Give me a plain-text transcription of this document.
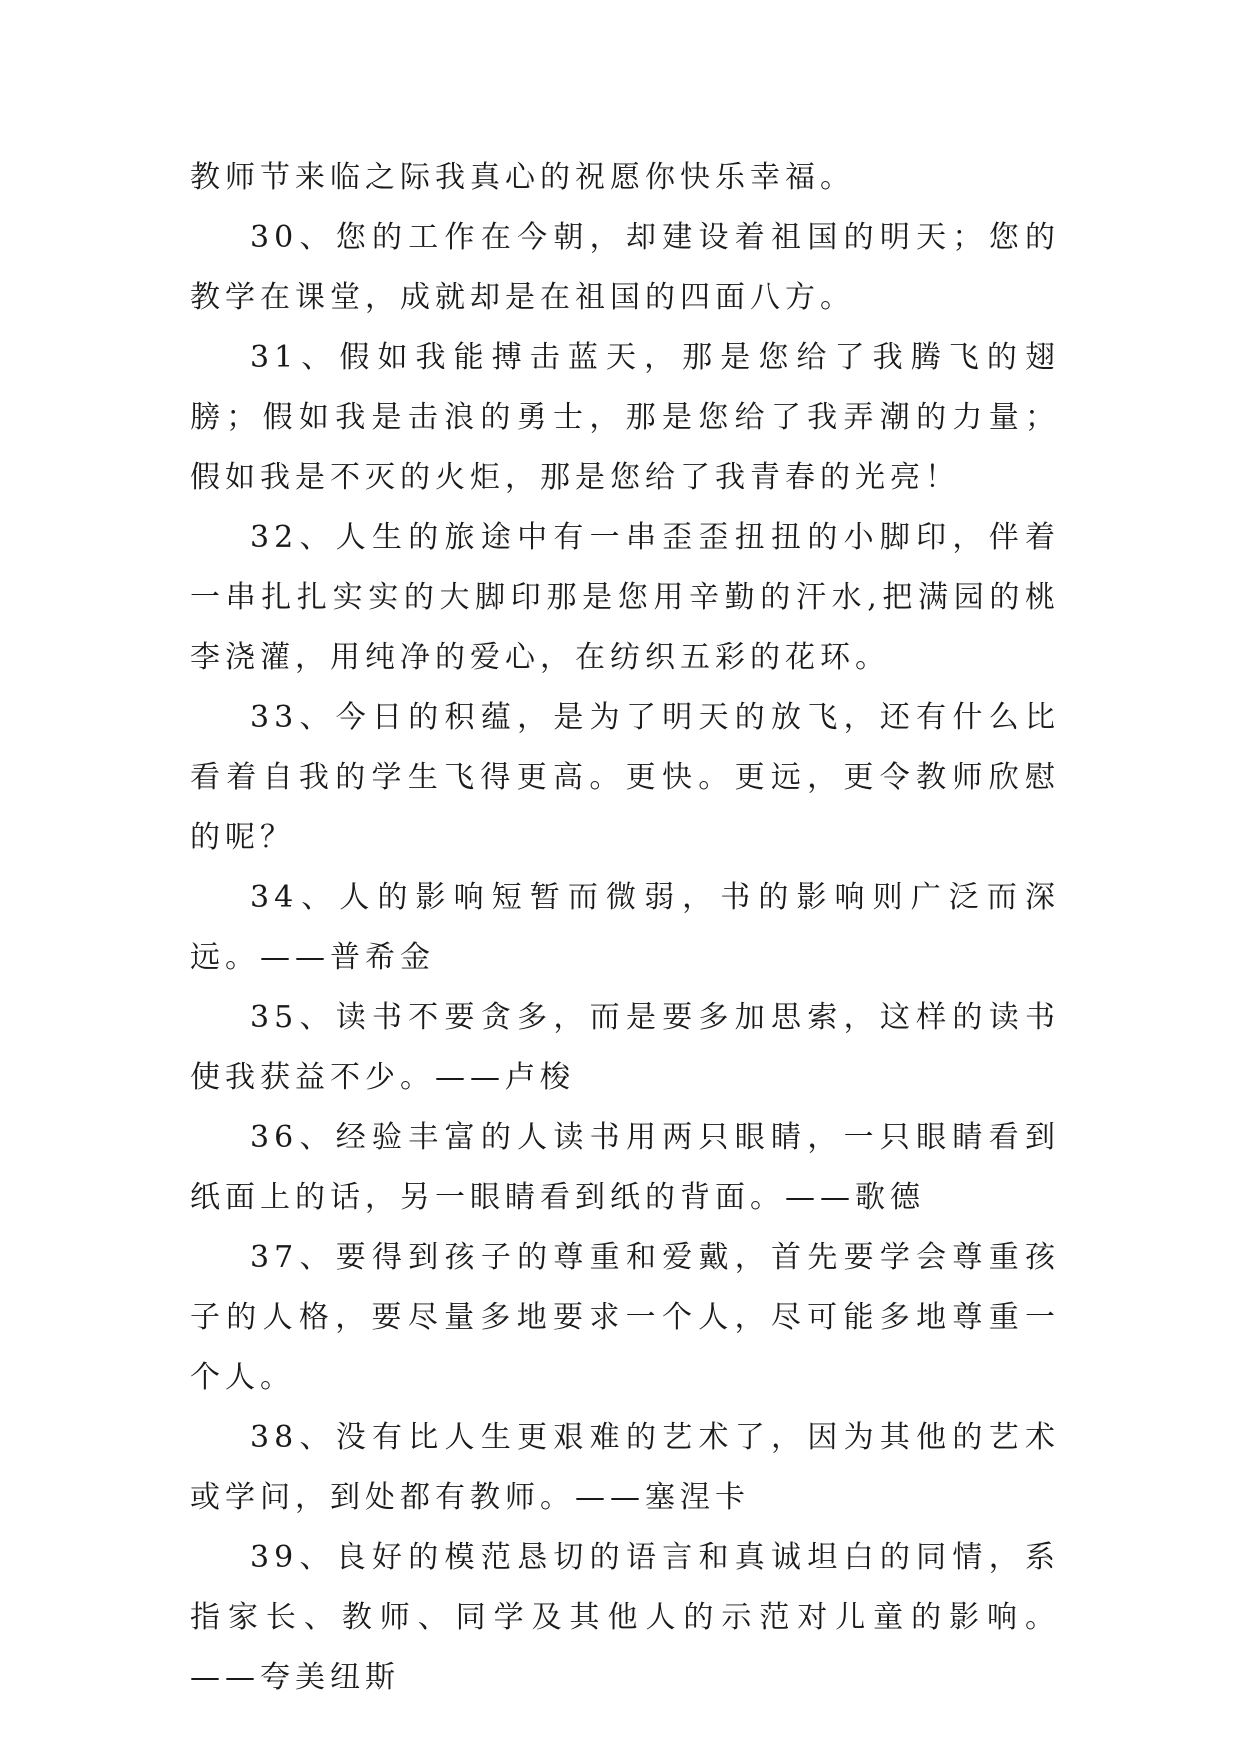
教师节来临之际我真心的祝愿你快乐幸福。

30、您的工作在今朝，却建设着祖国的明天；您的教学在课堂，成就却是在祖国的四面八方。

31、假如我能搏击蓝天，那是您给了我腾飞的翅膀；假如我是击浪的勇士，那是您给了我弄潮的力量；假如我是不灭的火炬，那是您给了我青春的光亮！

32、人生的旅途中有一串歪歪扭扭的小脚印，伴着一串扎扎实实的大脚印那是您用辛勤的汗水,把满园的桃李浇灌，用纯净的爱心，在纺织五彩的花环。

33、今日的积蕴，是为了明天的放飞，还有什么比看着自我的学生飞得更高。更快。更远，更令教师欣慰的呢？

34、人的影响短暂而微弱，书的影响则广泛而深远。——普希金

35、读书不要贪多，而是要多加思索，这样的读书使我获益不少。——卢梭

36、经验丰富的人读书用两只眼睛，一只眼睛看到纸面上的话，另一眼睛看到纸的背面。——歌德

37、要得到孩子的尊重和爱戴，首先要学会尊重孩子的人格，要尽量多地要求一个人，尽可能多地尊重一个人。

38、没有比人生更艰难的艺术了，因为其他的艺术或学问，到处都有教师。——塞涅卡

39、良好的模范恳切的语言和真诚坦白的同情，系指家长、教师、同学及其他人的示范对儿童的影响。——夸美纽斯
